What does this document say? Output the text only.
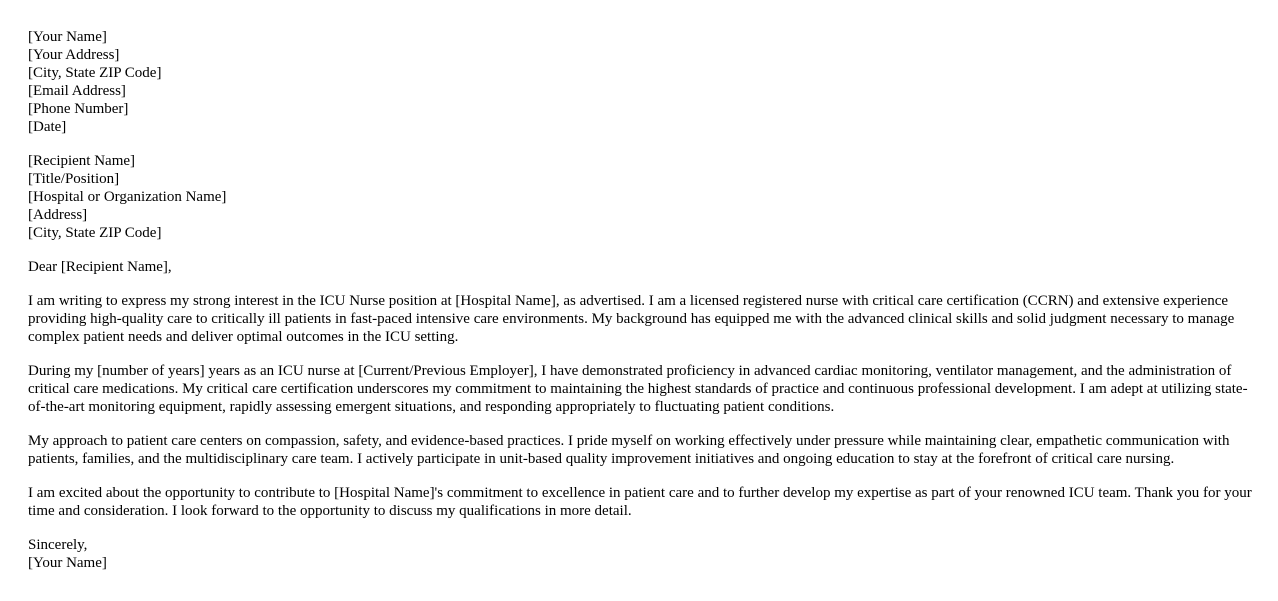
[Your Name]
[Your Address]
[City, State ZIP Code]
[Email Address]
[Phone Number]
[Date]
[Recipient Name]
[Title/Position]
[Hospital or Organization Name]
[Address]
[City, State ZIP Code]

Dear [Recipient Name],

I am writing to express my strong interest in the ICU Nurse position at [Hospital Name], as advertised. I am a licensed registered nurse with critical care certification (CCRN) and extensive experience providing high-quality care to critically ill patients in fast-paced intensive care environments. My background has equipped me with the advanced clinical skills and solid judgment necessary to manage complex patient needs and deliver optimal outcomes in the ICU setting.

During my [number of years] years as an ICU nurse at [Current/Previous Employer], I have demonstrated proficiency in advanced cardiac monitoring, ventilator management, and the administration of critical care medications. My critical care certification underscores my commitment to maintaining the highest standards of practice and continuous professional development. I am adept at utilizing state-of-the-art monitoring equipment, rapidly assessing emergent situations, and responding appropriately to fluctuating patient conditions.

My approach to patient care centers on compassion, safety, and evidence-based practices. I pride myself on working effectively under pressure while maintaining clear, empathetic communication with patients, families, and the multidisciplinary care team. I actively participate in unit-based quality improvement initiatives and ongoing education to stay at the forefront of critical care nursing.

I am excited about the opportunity to contribute to [Hospital Name]'s commitment to excellence in patient care and to further develop my expertise as part of your renowned ICU team. Thank you for your time and consideration. I look forward to the opportunity to discuss my qualifications in more detail.

Sincerely,
[Your Name]
